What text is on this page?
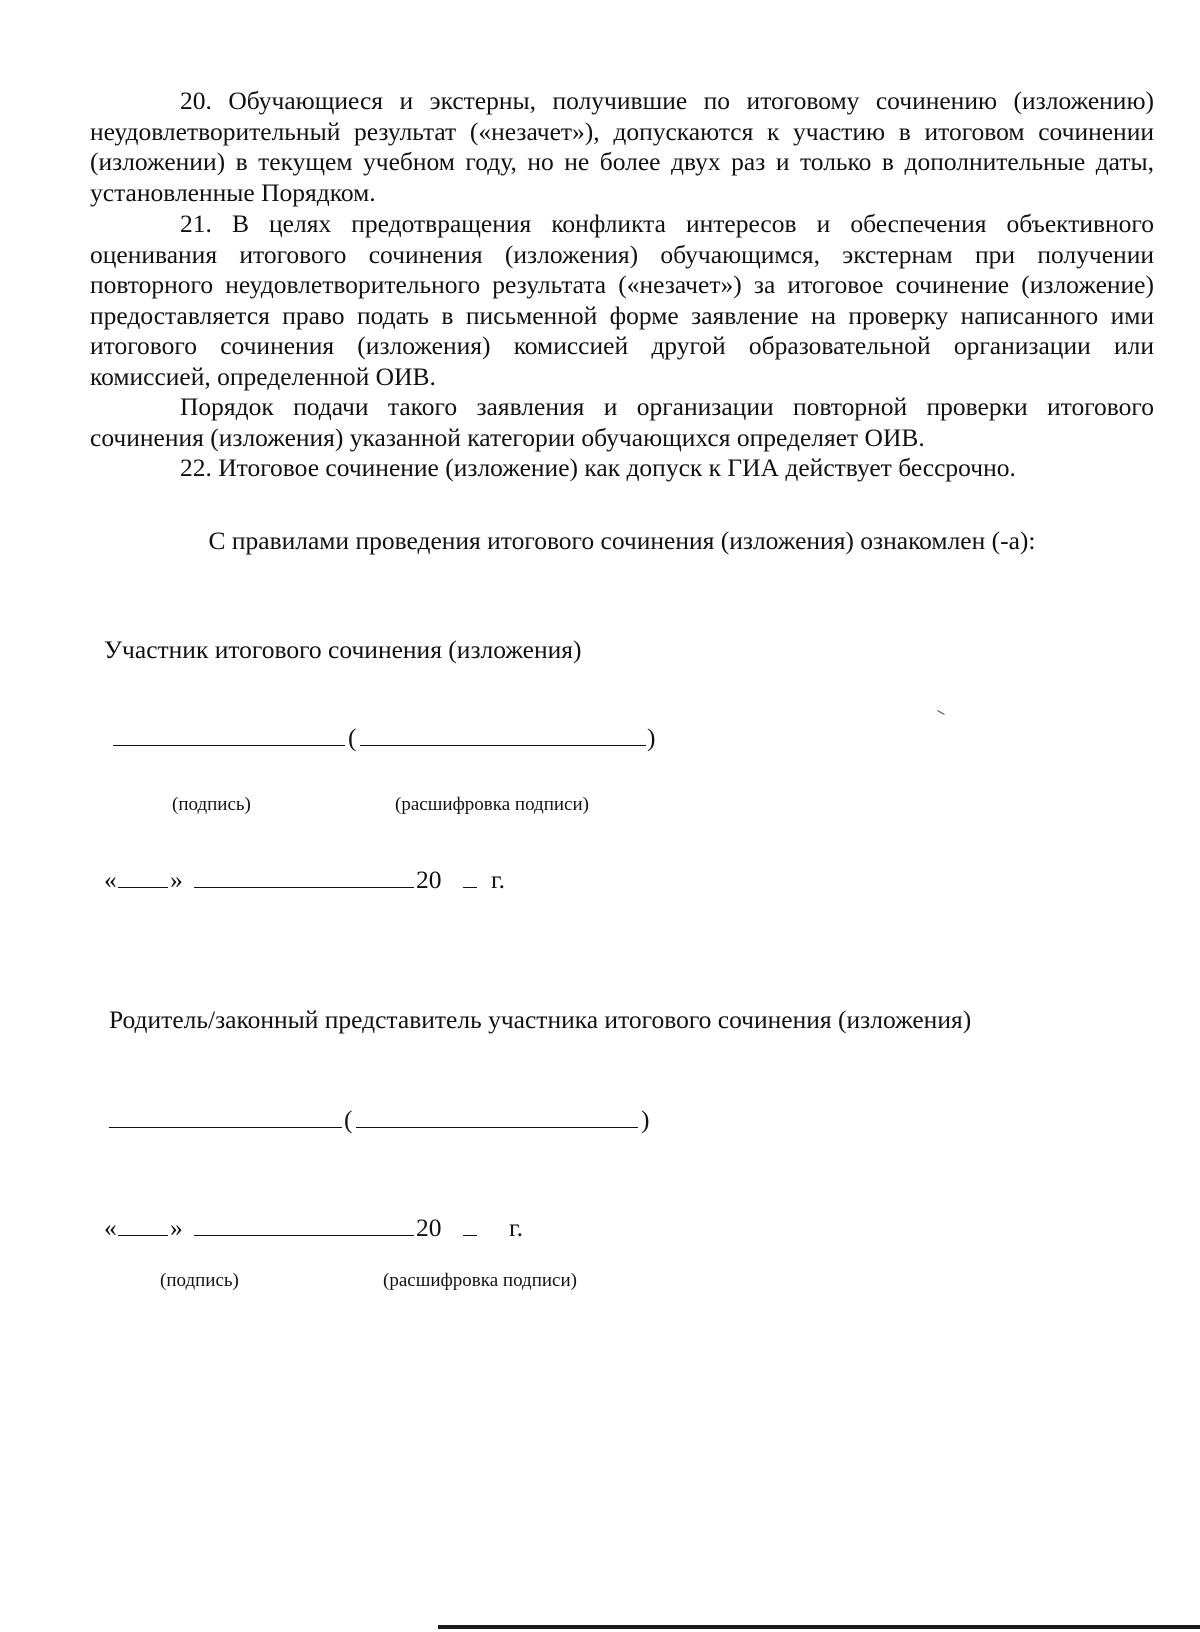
20. Обучающиеся и экстерны, получившие по итоговому сочинению (изложению) неудовлетворительный результат («незачет»), допускаются к участию в итоговом сочинении (изложении) в текущем учебном году, но не более двух раз и только в дополнительные даты, установленные Порядком.

21. В целях предотвращения конфликта интересов и обеспечения объективного оценивания итогового сочинения (изложения) обучающимся, экстернам при получении повторного неудовлетворительного результата («незачет») за итоговое сочинение (изложение) предоставляется право подать в письменной форме заявление на проверку написанного ими итогового сочинения (изложения) комиссией другой образовательной организации или комиссией, определенной ОИВ.

Порядок подачи такого заявления и организации повторной проверки итогового сочинения (изложения) указанной категории обучающихся определяет ОИВ.

22. Итоговое сочинение (изложение) как допуск к ГИА действует бессрочно.

С правилами проведения итогового сочинения (изложения) ознакомлен (-а):

Участник итогового сочинения (изложения)

(	)
(подпись)	(расшифровка подписи)
« »	20 г.

Родитель/законный представитель участника итогового сочинения (изложения)

(	)
« »	20	г.
(подпись)	(расшифровка подписи)
